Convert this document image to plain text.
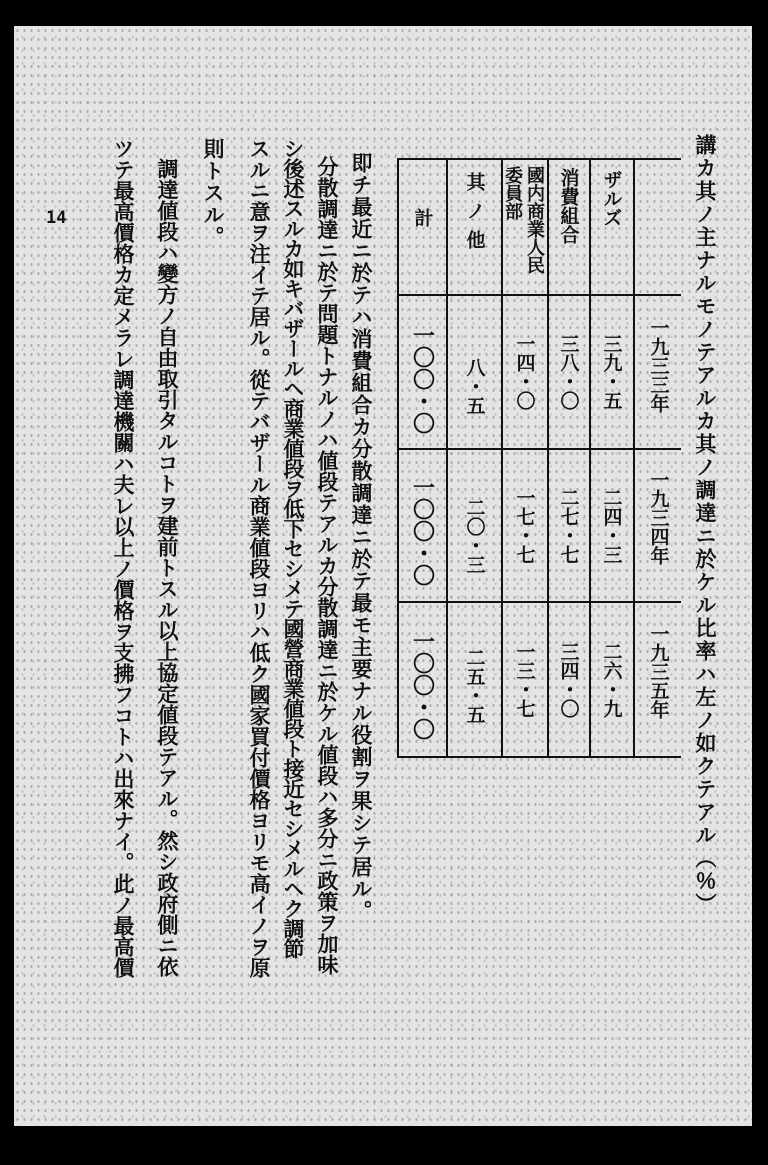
14	講カ其ノ主ナルモノテアルカ其ノ調達ニ於ケル比率ハ左ノ如クテアル（％）
一九三三年
一九三四年
一九三五年
ザルズ
三九・五
二四・三
二六・九
消費組合
三八・〇
二七・七
三四・〇
國内商業人民委員部
一四・〇
一七・七
一三・七
其ノ他
八・五
二〇・三
二五・五
計
一〇〇・〇
一〇〇・〇
一〇〇・〇
即チ最近ニ於テハ消費組合カ分散調達ニ於テ最モ主要ナル役割ヲ果シテ居ル。
分散調達ニ於テ問題トナルノハ値段テアルカ分散調達ニ於ケル値段ハ多分ニ政策ヲ加味
シ後述スルカ如キバザールヘ商業値段ヲ低下セシメテ國營商業値段ト接近セシメルヘク調節
スルニ意ヲ注イテ居ル。從テバザール商業値段ヨリハ低ク國家買付價格ヨリモ高イノヲ原
則トスル。
調達値段ハ變方ノ自由取引タルコトヲ建前トスル以上協定値段テアル。然シ政府側ニ依
ツテ最高價格カ定メラレ調達機關ハ夫レ以上ノ價格ヲ支拂フコトハ出來ナイ。此ノ最高價
